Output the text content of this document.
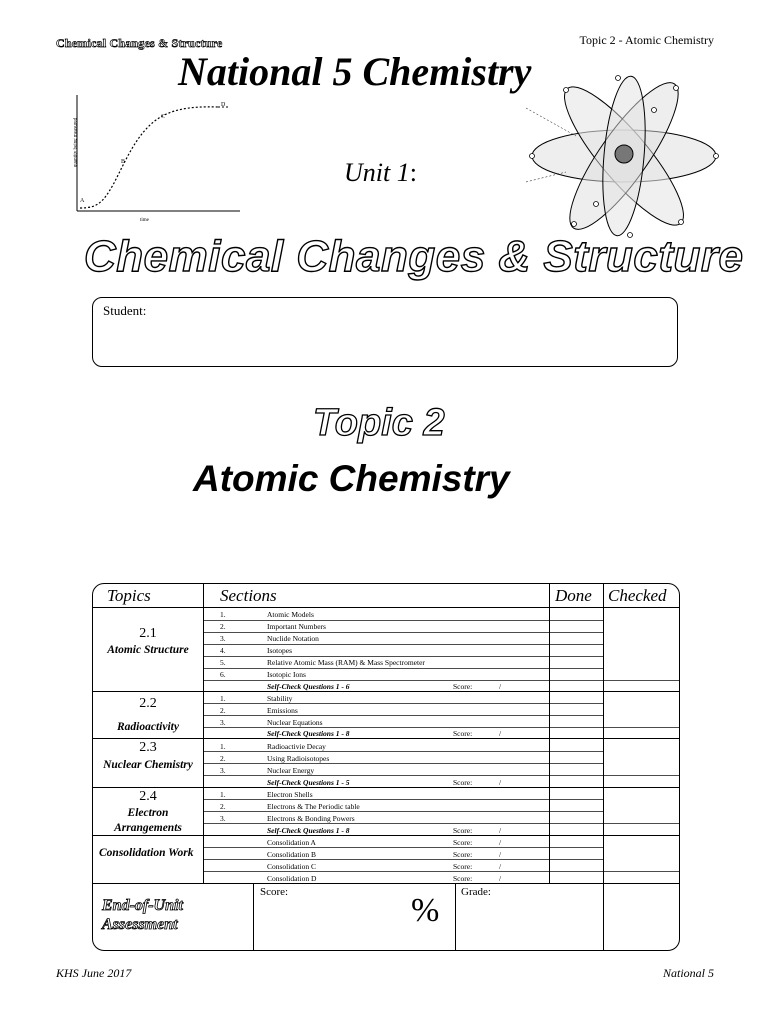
Chemical Changes & Structure	Topic 2 - Atomic Chemistry
A
B
C
D
quantity being measured
time
National 5 Chemistry
Unit 1:
Chemical Changes & Structure
Student:
Topic 2
Atomic Chemistry
Topics	Sections	Done Checked
2.1
Atomic Structure
1.	Atomic Models
2.	Important Numbers
3.	Nuclide Notation
4.	Isotopes
5.	Relative Atomic Mass (RAM) & Mass Spectrometer
6.	Isotopic Ions
Self-Check Questions 1 - 6	Score:	/
2.2
Radioactivity
1.	Stability
2.	Emissions
3.	Nuclear Equations
Self-Check Questions 1 - 8	Score:	/
2.3
Nuclear Chemistry
1.	Radioactivie Decay
2.	Using Radioisotopes
3.	Nuclear Energy
Self-Check Questions 1 - 5	Score:	/
2.4
Electron Arrangements
1.	Electron Shells
2.	Electrons & The Periodic table
3.	Electrons & Bonding Powers
Self-Check Questions 1 - 8	Score:	/
Consolidation Work
Consolidation A	Score:	/
Consolidation B	Score:	/
Consolidation C	Score:	/
Consolidation D	Score:	/
End-of-Unit
Assessment
Score:	% Grade:
KHS June 2017	National 5
